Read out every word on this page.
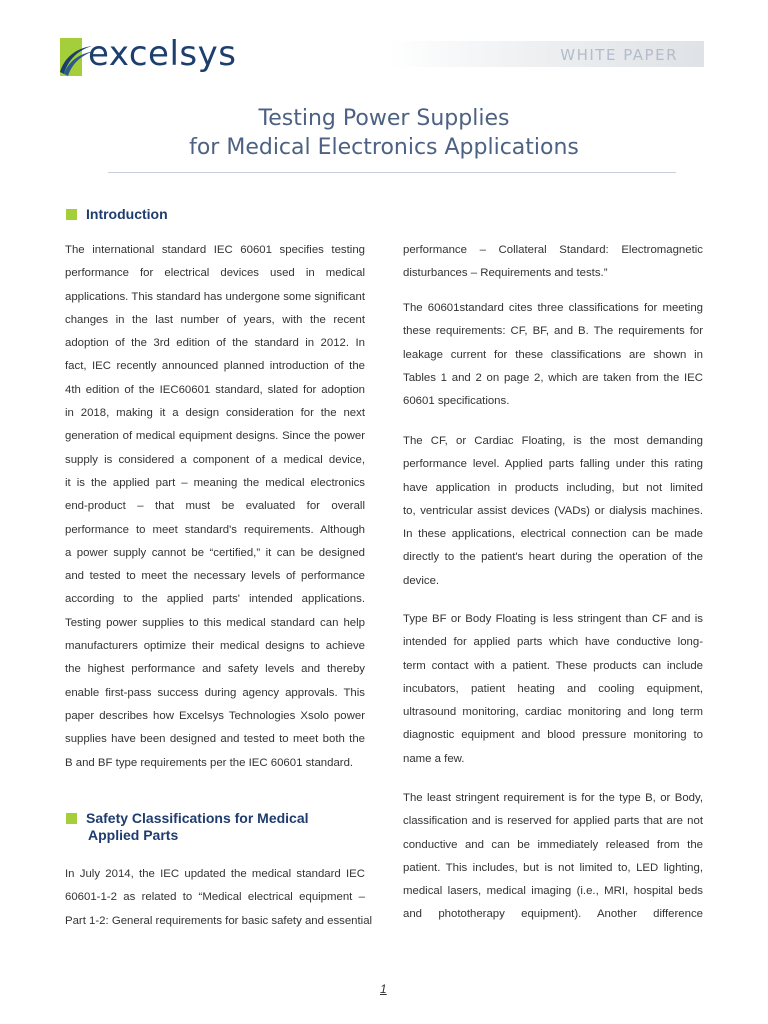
excelsys	WHITE PAPER
Testing Power Supplies
for Medical Electronics Applications
Introduction
The international standard IEC 60601 specifies testing
performance for electrical devices used in medical
applications. This standard has undergone some significant
changes in the last number of years, with the recent
adoption of the 3rd edition of the standard in 2012. In
fact, IEC recently announced planned introduction of the
4th edition of the IEC60601 standard, slated for adoption
in 2018, making it a design consideration for the next
generation of medical equipment designs. Since the power
supply is considered a component of a medical device,
it is the applied part – meaning the medical electronics
end-product – that must be evaluated for overall
performance to meet standard's requirements. Although
a power supply cannot be “certified,” it can be designed
and tested to meet the necessary levels of performance
according to the applied parts' intended applications.
Testing power supplies to this medical standard can help
manufacturers optimize their medical designs to achieve
the highest performance and safety levels and thereby
enable first-pass success during agency approvals. This
paper describes how Excelsys Technologies Xsolo power
supplies have been designed and tested to meet both the
B and BF type requirements per the IEC 60601 standard.
Safety Classifications for Medical
Applied Parts
In July 2014, the IEC updated the medical standard IEC
60601-1-2 as related to “Medical electrical equipment –
Part 1-2: General requirements for basic safety and essential
performance – Collateral Standard: Electromagnetic
disturbances – Requirements and tests.”
The 60601standard cites three classifications for meeting
these requirements: CF, BF, and B. The requirements for
leakage current for these classifications are shown in
Tables 1 and 2 on page 2, which are taken from the IEC
60601 specifications.
The CF, or Cardiac Floating, is the most demanding
performance level. Applied parts falling under this rating
have application in products including, but not limited
to, ventricular assist devices (VADs) or dialysis machines.
In these applications, electrical connection can be made
directly to the patient's heart during the operation of the
device.
Type BF or Body Floating is less stringent than CF and is
intended for applied parts which have conductive long-
term contact with a patient. These products can include
incubators, patient heating and cooling equipment,
ultrasound monitoring, cardiac monitoring and long term
diagnostic equipment and blood pressure monitoring to
name a few.
The least stringent requirement is for the type B, or Body,
classification and is reserved for applied parts that are not
conductive and can be immediately released from the
patient. This includes, but is not limited to, LED lighting,
medical lasers, medical imaging (i.e., MRI, hospital beds
and phototherapy equipment). Another difference
1
